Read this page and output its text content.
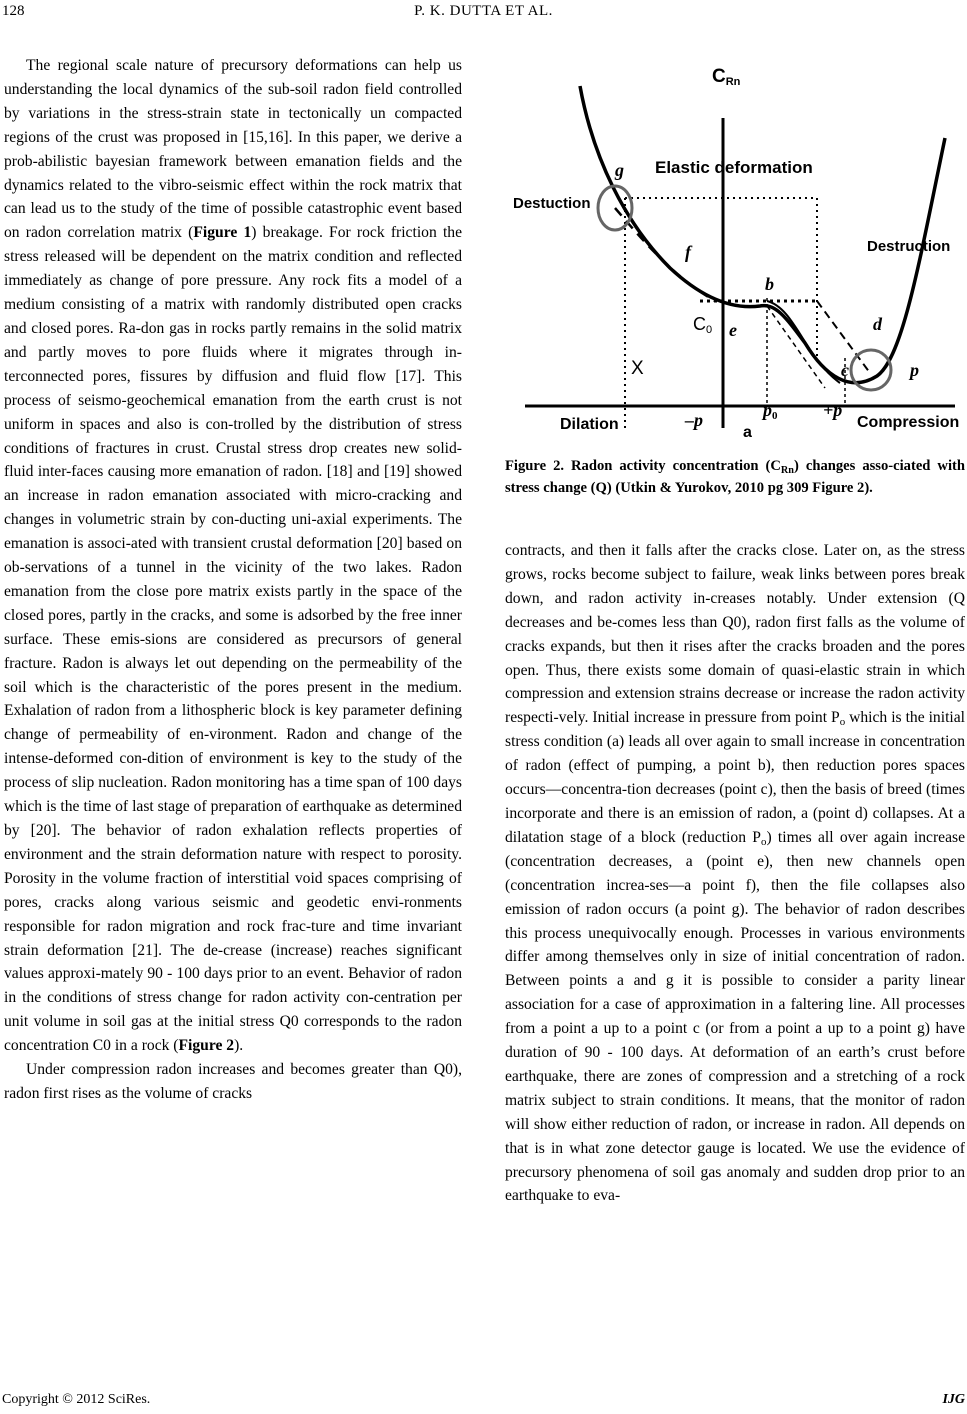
128	P. K. DUTTA ET AL.

The regional scale nature of precursory deformations can help us understanding the local dynamics of the sub-soil radon field controlled by variations in the stress-strain state in tectonically un compacted regions of the crust was proposed in [15,16]. In this paper, we derive a prob-abilistic bayesian framework between emanation fields and the dynamics related to the vibro-seismic effect within the rock matrix that can lead us to the study of the time of possible catastrophic event based on radon correlation matrix (Figure 1) breakage. For rock friction the stress released will be dependent on the matrix condition and reflected immediately as change of pore pressure. Any rock fits a model of a medium consisting of a matrix with randomly distributed open cracks and closed pores. Ra-don gas in rocks partly remains in the solid matrix and partly moves to pore fluids where it migrates through in-terconnected pores, fissures by diffusion and fluid flow [17]. This process of seismo-geochemical emanation from the earth crust is not uniform in spaces and also is con-trolled by the distribution of stress conditions of fractures in crust. Crustal stress drop creates new solid-fluid inter-faces causing more emanation of radon. [18] and [19] showed an increase in radon emanation associated with micro-cracking and changes in volumetric strain by con-ducting uni-axial experiments. The emanation is associ-ated with transient crustal deformation [20] based on ob-servations of a tunnel in the vicinity of the two lakes. Radon emanation from the close pore matrix exists partly in the space of the closed pores, partly in the cracks, and some is adsorbed by the free inner surface. These emis-sions are considered as precursors of general fracture. Radon is always let out depending on the permeability of the soil which is the characteristic of the pores present in the medium. Exhalation of radon from a lithospheric block is key parameter defining change of permeability of en-vironment. Radon and change of the intense-deformed con-dition of environment is key to the study of the process of slip nucleation. Radon monitoring has a time span of 100 days which is the time of last stage of preparation of earthquake as determined by [20]. The behavior of radon exhalation reflects properties of environment and the strain deformation nature with respect to porosity. Porosity in the volume fraction of interstitial void spaces comprising of pores, cracks along various seismic and geodetic envi-ronments responsible for radon migration and rock frac-ture and time invariant strain deformation [21]. The de-crease (increase) reaches significant values approxi-mately 90 - 100 days prior to an event. Behavior of radon in the conditions of stress change for radon activity con-centration per unit volume in soil gas at the initial stress Q0 corresponds to the radon concentration C0 in a rock (Figure 2).

Under compression radon increases and becomes greater than Q0), radon first rises as the volume of cracks

$C_{Rn}$
Elastic deformation
Destuction
Destruction
g
f
b
$C_0$ e	d
X	c	p
Dilation	–p	$p_0$	+p
Compression
a
Figure 2. Radon activity concentration $(C_{Rn})$ changes asso-ciated with stress change (Q) (Utkin & Yurokov, 2010 pg 309 Figure 2).

contracts, and then it falls after the cracks close. Later on, as the stress grows, rocks become subject to failure, weak links between pores break down, and radon activity in-creases notably. Under extension (Q decreases and be-comes less than Q0), radon first falls as the volume of cracks expands, but then it rises after the cracks broaden and the pores open. Thus, there exists some domain of quasi-elastic strain in which compression and extension strains decrease or increase the radon activity respecti-vely. Initial increase in pressure from point $P_o$ which is the initial stress condition (a) leads all over again to small increase in concentration of radon (effect of pumping, a point b), then reduction pores spaces occurs—concentra-tion decreases (point c), then the basis of breed (times incorporate and there is an emission of radon, a (point d) collapses. At a dilatation stage of a block (reduction $P_o$) times all over again increase (concentration decreases, a (point e), then new channels open (concentration increa-ses—a point f), then the file collapses also emission of radon occurs (a point g). The behavior of radon describes this process unequivocally enough. Processes in various environments differ among themselves only in size of initial concentration of radon. Between points a and g it is possible to consider a parity linear association for a case of approximation in a faltering line. All processes from a point a up to a point c (or from a point a up to a point g) have duration of 90 - 100 days. At deformation of an earth’s crust before earthquake, there are zones of compression and a stretching of a rock matrix subject to strain conditions. It means, that the monitor of radon will show either reduction of radon, or increase in radon. All depends on that is in what zone detector gauge is located. We use the evidence of precursory phenomena of soil gas anomaly and sudden drop prior to an earthquake to eva-

Copyright © 2012 SciRes.	IJG
